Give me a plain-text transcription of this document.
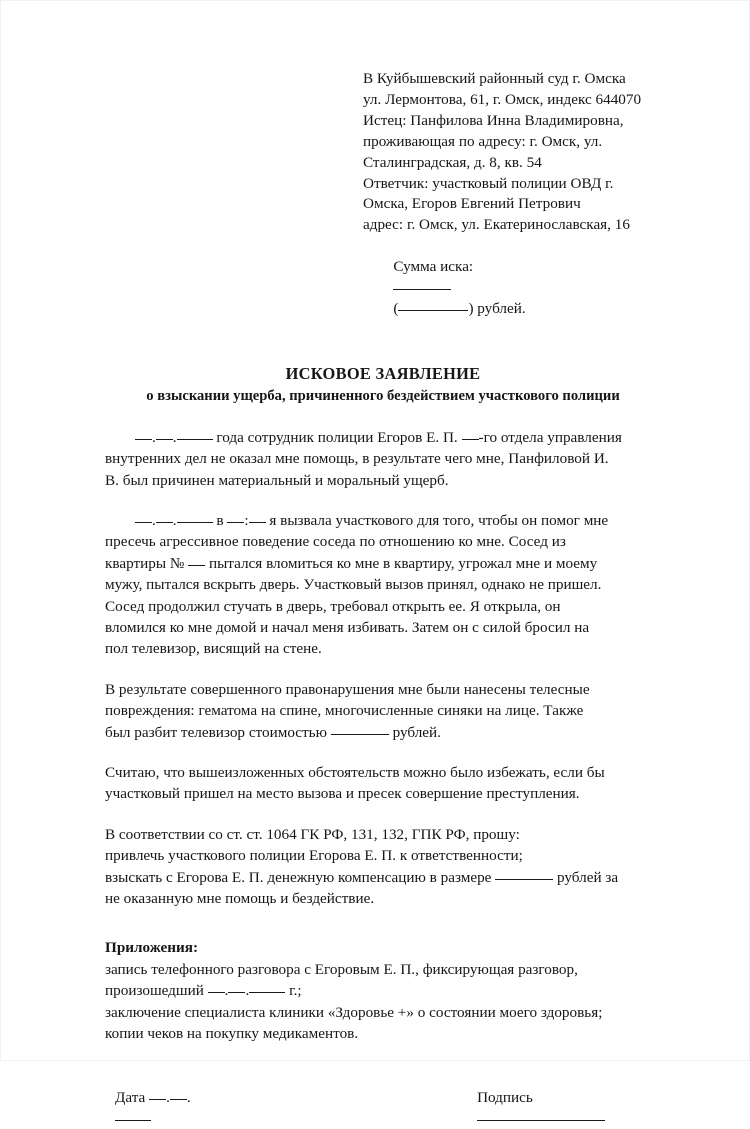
В Куйбышевский районный суд г. Омска
ул. Лермонтова, 61, г. Омск, индекс 644070
Истец: Панфилова Инна Владимировна,
проживающая по адресу: г. Омск, ул.
Сталинградская, д. 8, кв. 54
Ответчик: участковый полиции ОВД г.
Омска, Егоров Евгений Петрович
адрес: г. Омск, ул. Екатеринославская, 16

Сумма иска:

(	) рублей.

ИСКОВОЕ ЗАЯВЛЕНИЕ
о взыскании ущерба, причиненного бездействием участкового полиции
. .	года сотрудник полиции Егоров Е. П. -го отдела управления
внутренних дел не оказал мне помощь, в результате чего мне, Панфиловой И.
В. был причинен материальный и моральный ущерб.
. .	в : я вызвала участкового для того, чтобы он помог мне
пресечь агрессивное поведение соседа по отношению ко мне. Сосед из
квартиры № пытался вломиться ко мне в квартиру, угрожал мне и моему
мужу, пытался вскрыть дверь. Участковый вызов принял, однако не пришел.
Сосед продолжил стучать в дверь, требовал открыть ее. Я открыла, он
вломился ко мне домой и начал меня избивать. Затем он с силой бросил на
пол телевизор, висящий на стене.
В результате совершенного правонарушения мне были нанесены телесные
повреждения: гематома на спине, многочисленные синяки на лице. Также
был разбит телевизор стоимостью	рублей.
Считаю, что вышеизложенных обстоятельств можно было избежать, если бы
участковый пришел на место вызова и пресек совершение преступления.
В соответствии со ст. ст. 1064 ГК РФ, 131, 132, ГПК РФ, прошу:
привлечь участкового полиции Егорова Е. П. к ответственности;
взыскать с Егорова Е. П. денежную компенсацию в размере	рублей за
не оказанную мне помощь и бездействие.
Приложения:
запись телефонного разговора с Егоровым Е. П., фиксирующая разговор,
произошедший . .	г.;
заключение специалиста клиники «Здоровье +» о состоянии моего здоровья;
копии чеков на покупку медикаментов.
Дата . .	Подпись
